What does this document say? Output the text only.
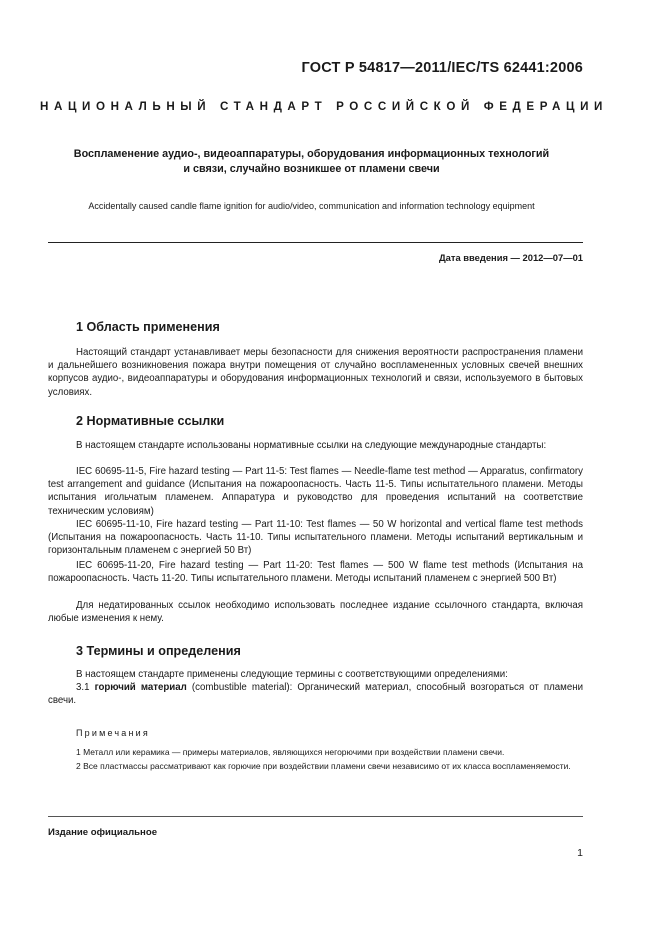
ГОСТ Р 54817—2011/IEC/TS 62441:2006
НАЦИОНАЛЬНЫЙ СТАНДАРТ РОССИЙСКОЙ ФЕДЕРАЦИИ
Воспламенение аудио-, видеоаппаратуры, оборудования информационных технологий
и связи, случайно возникшее от пламени свечи
Accidentally caused candle flame ignition for audio/video, communication and information technology equipment
Дата введения — 2012—07—01
1 Область применения
Настоящий стандарт устанавливает меры безопасности для снижения вероятности распространения пламени и дальнейшего возникновения пожара внутри помещения от случайно воспламененных условных свечей внешних корпусов аудио-, видеоаппаратуры и оборудования информационных технологий и связи, используемого в бытовых условиях.
2 Нормативные ссылки
В настоящем стандарте использованы нормативные ссылки на следующие международные стандарты:
IEC 60695-11-5, Fire hazard testing — Part 11-5: Test flames — Needle-flame test method — Apparatus, confirmatory test arrangement and guidance (Испытания на пожароопасность. Часть 11-5. Типы испытательного пламени. Методы испытания игольчатым пламенем. Аппаратура и руководство для проведения испытаний на соответствие техническим условиям)
IEC 60695-11-10, Fire hazard testing — Part 11-10: Test flames — 50 W horizontal and vertical flame test methods (Испытания на пожароопасность. Часть 11-10. Типы испытательного пламени. Методы испытаний вертикальным и горизонтальным пламенем с энергией 50 Вт)
IEC 60695-11-20, Fire hazard testing — Part 11-20: Test flames — 500 W flame test methods (Испытания на пожароопасность. Часть 11-20. Типы испытательного пламени. Методы испытаний пламенем с энергией 500 Вт)
Для недатированных ссылок необходимо использовать последнее издание ссылочного стандарта, включая любые изменения к нему.
3 Термины и определения
В настоящем стандарте применены следующие термины с соответствующими определениями:
3.1 горючий материал (combustible material): Органический материал, способный возгораться от пламени свечи.
Примечания
1 Металл или керамика — примеры материалов, являющихся негорючими при воздействии пламени свечи.
2 Все пластмассы рассматривают как горючие при воздействии пламени свечи независимо от их класса воспламеняемости.
Издание официальное
1
